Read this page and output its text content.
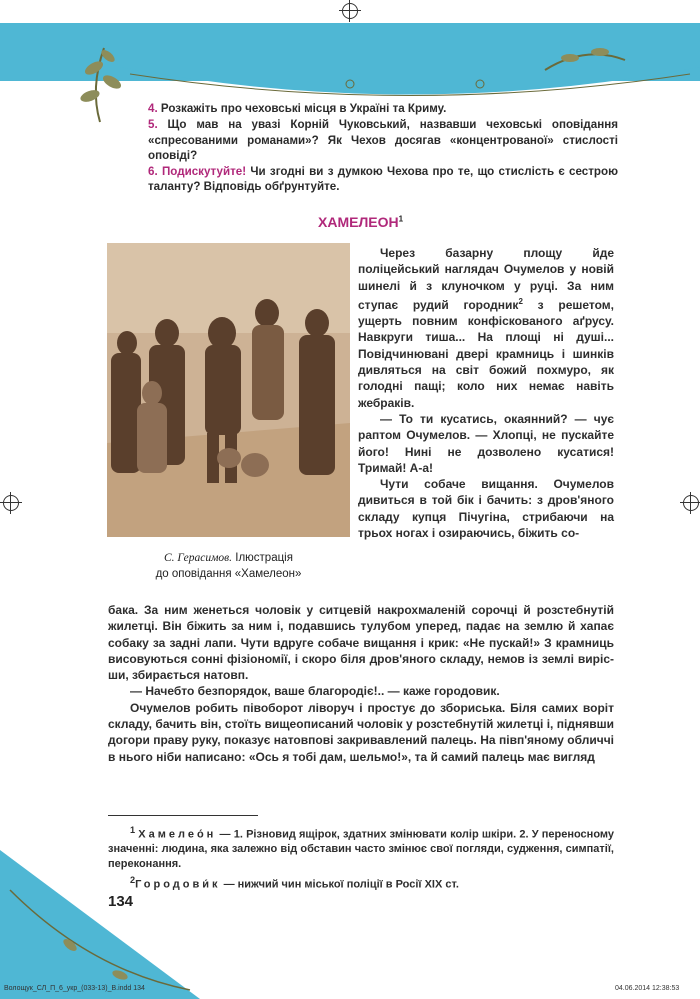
4. Розкажіть про чеховські місця в Україні та Криму.

5. Що мав на увазі Корній Чуковський, назвавши чеховські оповідання «спресованими романами»? Як Чехов досягав «концентрованої» стислості оповіді?

6. Подискутуйте! Чи згодні ви з думкою Чехова про те, що стислість є сестрою таланту? Відповідь обґрунтуйте.

ХАМЕЛЕОН$^1$
С. Герасимов. Ілюстрація
до оповідання «Хамелеон»

Через базарну площу йде поліцейський наглядач Очумелов у новій шинелі й з клуночком у руці. За ним ступає рудий городник$^2$ з решетом, ущерть повним конфіскованого аґрусу. Навкруги тиша... На площі ні душі... Повідчинювані двері крамниць і шинків дивляться на світ божий похмуро, як голодні пащі; коло них немає навіть жебраків.

— То ти кусатись, окаянний? — чує раптом Очумелов. — Хлопці, не пускайте його! Нині не дозволено кусатися! Тримай! А-а!

Чути собаче вищання. Очумелов дивиться в той бік і бачить: з дров'яного складу купця Пічугіна, стрибаючи на трьох ногах і озираючись, біжить со-

бака. За ним женеться чоловік у ситцевій накрохмаленій сорочці й розстебнутій жилетці. Він біжить за ним і, подавшись тулубом уперед, падає на землю й хапає собаку за задні лапи. Чути вдруге собаче вищання і крик: «Не пускай!» З крамниць висовуються сонні фізіономії, і скоро біля дров'яного складу, немов із землі вирісши, збирається натовп.

— Начебто безпорядок, ваше благородіє!.. — каже городовик.

Очумелов робить півоборот ліворуч і простує до збориська. Біля самих воріт складу, бачить він, стоїть вищеописаний чоловік у розстебнутій жилетці і, піднявши догори праву руку, показує натовпові закривавлений палець. На півп'яному обличчі в нього ніби написано: «Ось я тобі дам, шельмо!», та й самий палець має вигляд

$^1$ Хамелео́н — 1. Різновид ящірок, здатних змінювати колір шкіри. 2. У переносному значенні: людина, яка залежно від обставин часто змінює свої погляди, судження, симпатії, переконання.

$^2$Городови́к — нижчий чин міської поліції в Росії XIX ст.

134
Волощук_СЛ_П_6_укр_(033-13)_В.indd 134	04.06.2014 12:38:53
